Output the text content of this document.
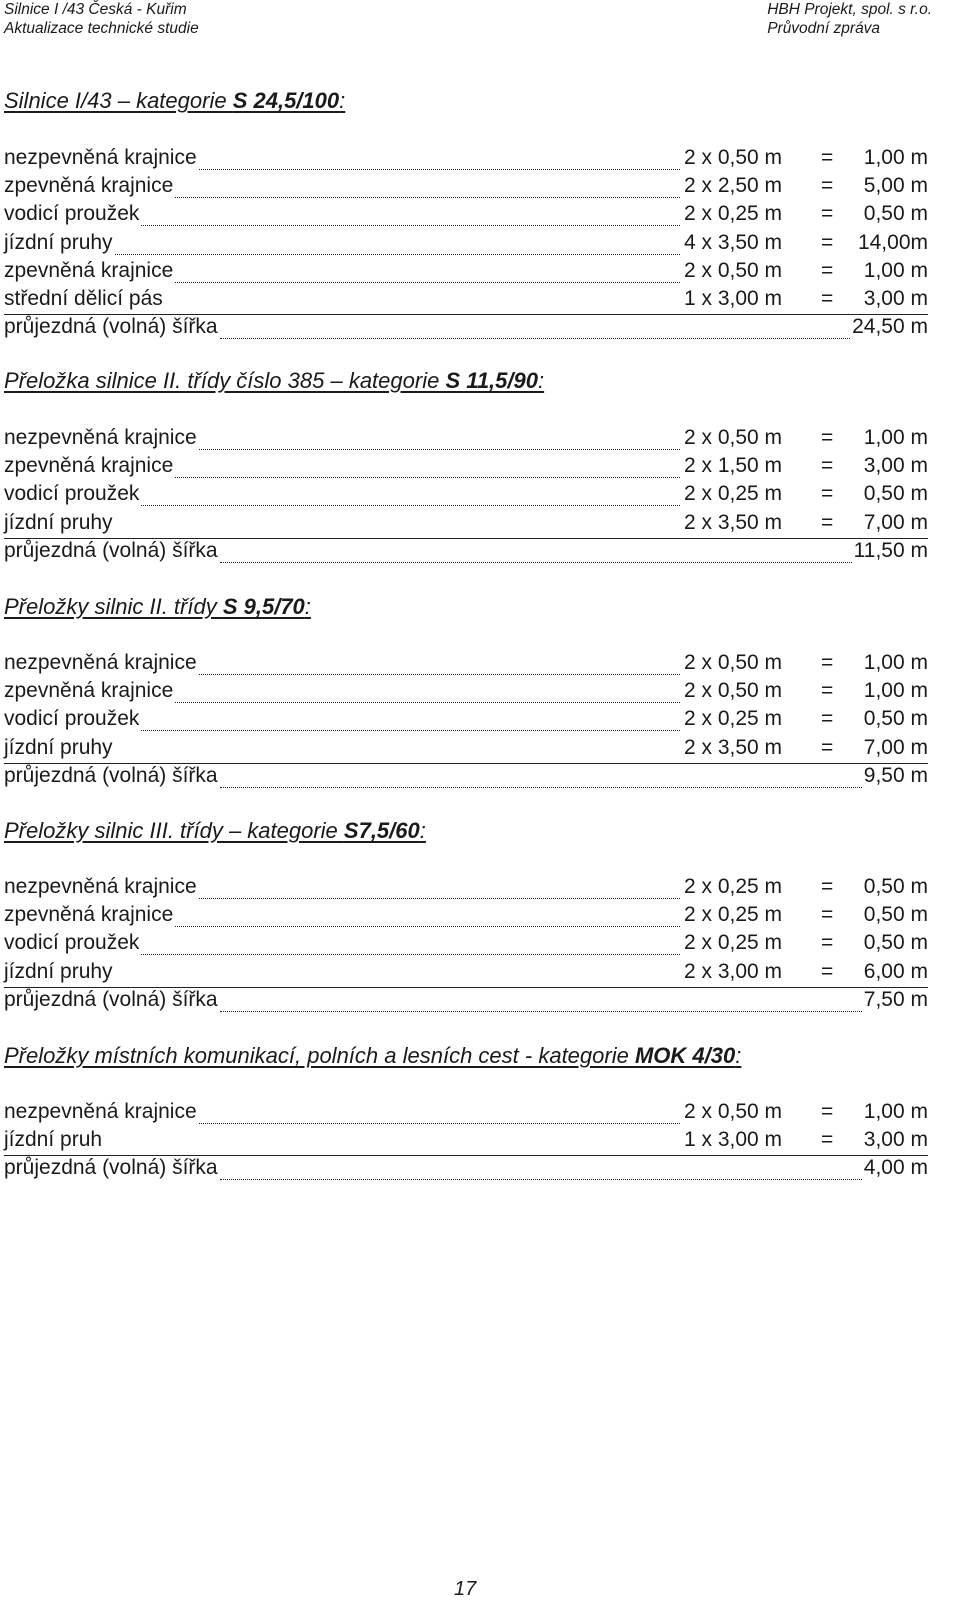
Silnice I /43 Česká - Kuřim
Aktualizace technické studie
HBH Projekt, spol. s r.o.
Průvodní zpráva
Silnice I/43 – kategorie S 24,5/100:
nezpevněná krajnice	2 x 0,50 m = 1,00 m
zpevněná krajnice	2 x 2,50 m = 5,00 m
vodicí proužek	2 x 0,25 m = 0,50 m
jízdní pruhy	4 x 3,50 m = 14,00m
zpevněná krajnice	2 x 0,50 m = 1,00 m
střední dělicí pás	1 x 3,00 m = 3,00 m
průjezdná (volná) šířka	24,50 m
Přeložka silnice II. třídy číslo 385 – kategorie S 11,5/90:
nezpevněná krajnice	2 x 0,50 m = 1,00 m
zpevněná krajnice	2 x 1,50 m = 3,00 m
vodicí proužek	2 x 0,25 m = 0,50 m
jízdní pruhy	2 x 3,50 m = 7,00 m
průjezdná (volná) šířka	11,50 m
Přeložky silnic II. třídy S 9,5/70:
nezpevněná krajnice	2 x 0,50 m = 1,00 m
zpevněná krajnice	2 x 0,50 m = 1,00 m
vodicí proužek	2 x 0,25 m = 0,50 m
jízdní pruhy	2 x 3,50 m = 7,00 m
průjezdná (volná) šířka	9,50 m
Přeložky silnic III. třídy – kategorie S7,5/60:
nezpevněná krajnice	2 x 0,25 m = 0,50 m
zpevněná krajnice	2 x 0,25 m = 0,50 m
vodicí proužek	2 x 0,25 m = 0,50 m
jízdní pruhy	2 x 3,00 m = 6,00 m
průjezdná (volná) šířka	7,50 m
Přeložky místních komunikací, polních a lesních cest - kategorie MOK 4/30:
nezpevněná krajnice	2 x 0,50 m = 1,00 m
jízdní pruh	1 x 3,00 m = 3,00 m
průjezdná (volná) šířka	4,00 m
17
